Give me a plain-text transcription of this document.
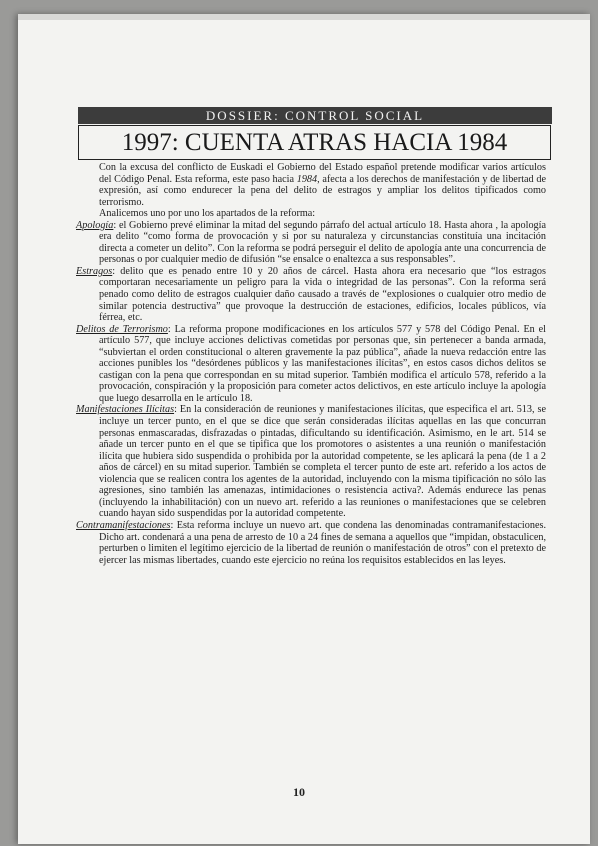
DOSSIER: CONTROL SOCIAL
1997: CUENTA ATRAS HACIA 1984

Con la excusa del conflicto de Euskadi el Gobierno del Estado español pretende modificar varios artículos del Código Penal. Esta reforma, este paso hacia 1984, afecta a los derechos de manifestación y de libertad de expresión, así como endurecer la pena del delito de estragos y ampliar los delitos tipificados como terrorismo.

Analicemos uno por uno los apartados de la reforma:

Apología: el Gobierno prevé eliminar la mitad del segundo párrafo del actual artículo 18. Hasta ahora , la apología era delito “como forma de provocación y si por su naturaleza y circunstancias constituía una incitación directa a cometer un delito”. Con la reforma se podrá perseguir el delito de apología ante una concurrencia de personas o por cualquier medio de difusión “se ensalce o enaltezca a sus responsables”.

Estragos: delito que es penado entre 10 y 20 años de cárcel. Hasta ahora era necesario que “los estragos comportaran necesariamente un peligro para la vida o integridad de las personas”. Con la reforma será penado como delito de estragos cualquier daño causado a través de “explosiones o cualquier otro medio de similar potencia destructiva” que provoque la destrucción de estaciones, edificios, locales públicos, vía férrea, etc.

Delitos de Terrorismo: La reforma propone modificaciones en los artículos 577 y 578 del Código Penal. En el artículo 577, que incluye acciones delictivas cometidas por personas que, sin pertenecer a banda armada, “subviertan el orden constitucional o alteren gravemente la paz pública”, añade la nueva redacción entre las acciones punibles los “desórdenes públicos y las manifestaciones ilícitas”, en estos casos dichos delitos se castigan con la pena que correspondan en su mitad superior. También modifica el artículo 578, referido a la provocación, conspiración y la proposición para cometer actos delictivos, en este artículo incluye la apología que luego desarrolla en le artículo 18.

Manifestaciones Ilícitas: En la consideración de reuniones y manifestaciones ilícitas, que especifica el art. 513, se incluye un tercer punto, en el que se dice que serán consideradas ilícitas aquellas en las que concurran personas enmascaradas, disfrazadas o pintadas, dificultando su identificación. Asimismo, en le art. 514 se añade un tercer punto en el que se tipifica que los promotores o asistentes a una reunión o manifestación ilícita que hubiera sido suspendida o prohibida por la autoridad competente, se les aplicará la pena (de 1 a 2 años de cárcel) en su mitad superior. También se completa el tercer punto de este art. referido a los actos de violencia que se realicen contra los agentes de la autoridad, incluyendo con la misma tipificación no sólo las agresiones, sino también las amenazas, intimidaciones o resistencia activa?. Además endurece las penas (incluyendo la inhabilitación) con un nuevo art. referido a las reuniones o manifestaciones que se celebren cuando hayan sido suspendidas por la autoridad competente.

Contramanifestaciones: Esta reforma incluye un nuevo art. que condena las denominadas contramanifestaciones. Dicho art. condenará a una pena de arresto de 10 a 24 fines de semana a aquellos que “impidan, obstaculicen, perturben o limiten el legítimo ejercicio de la libertad de reunión o manifestación de otros” con el pretexto de ejercer las mismas libertades, cuando este ejercicio no reúna los requisitos establecidos en las leyes.

10
